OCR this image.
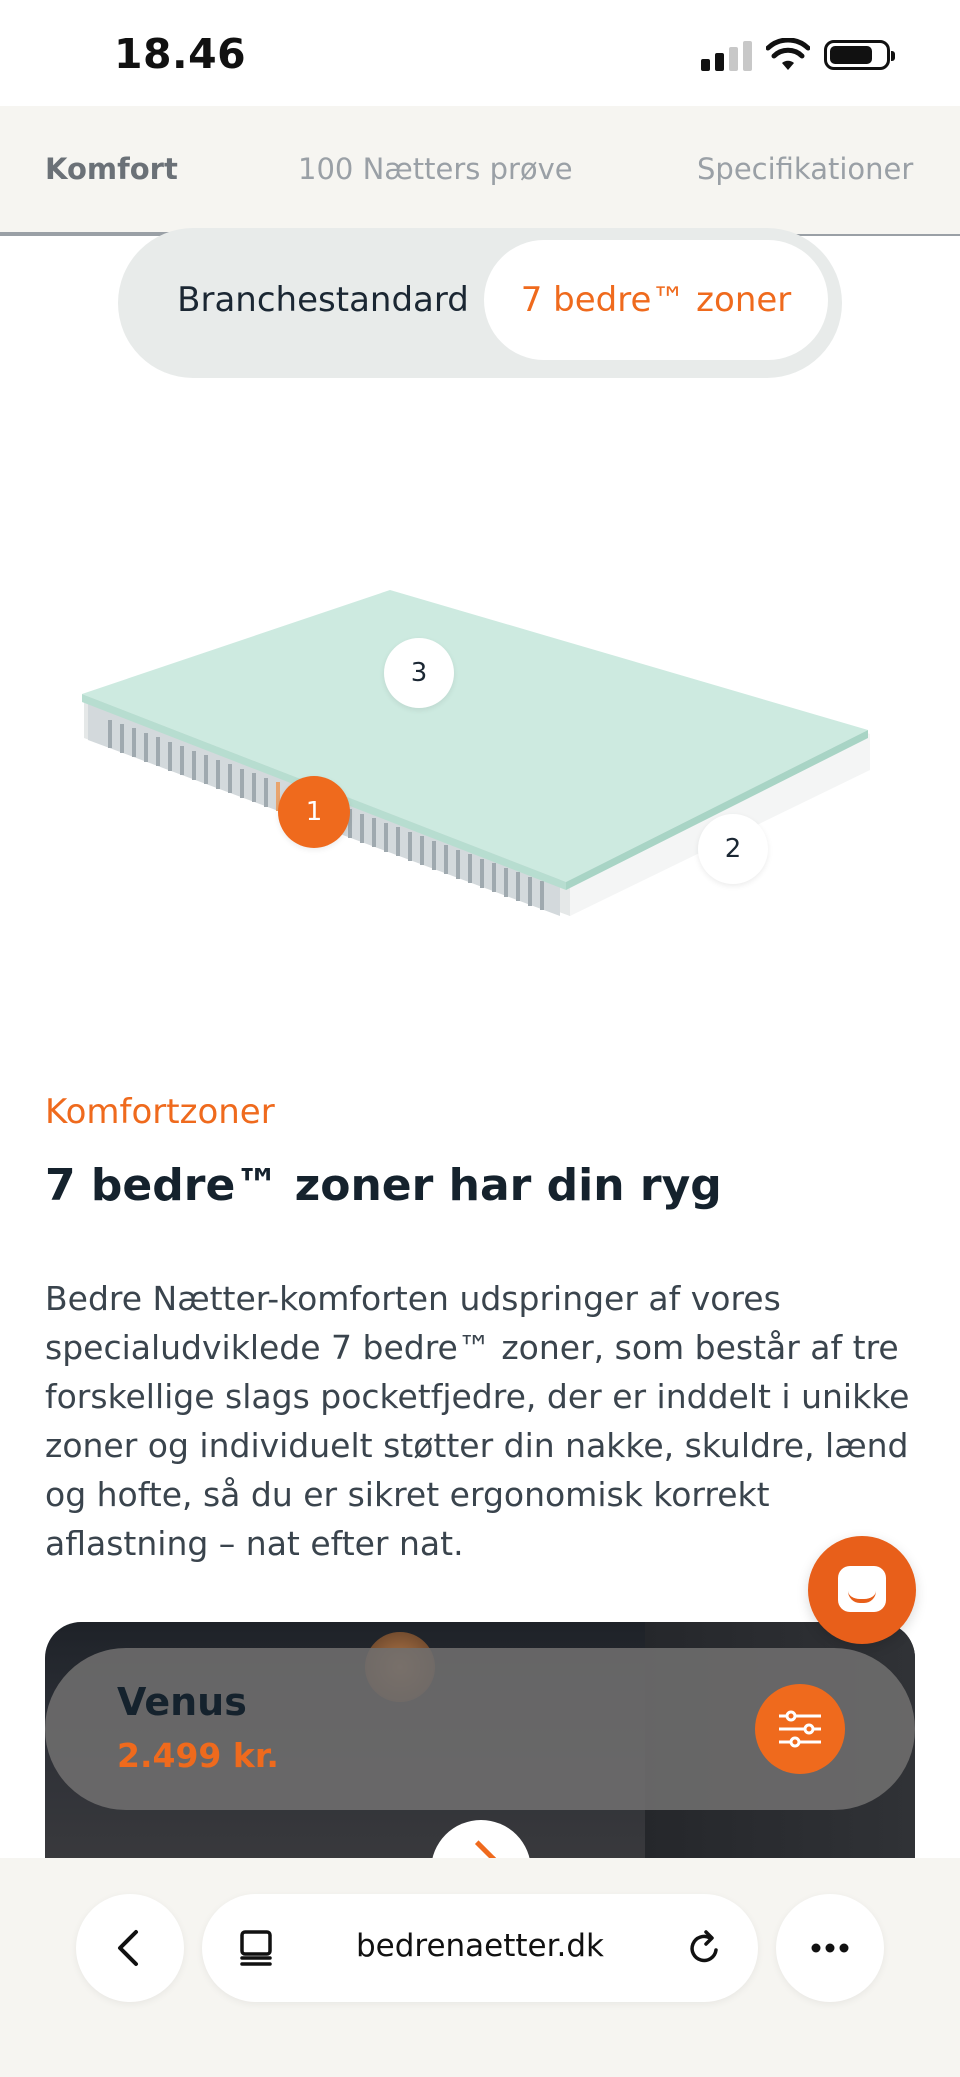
18.46
Komfort	100 Nætters prøve	Specifikationer
Branchestandard	7 bedre™ zoner
3
1
2
Komfortzoner
7 bedre™ zoner har din ryg
Bedre Nætter-komforten udspringer af vores specialudviklede 7 bedre™ zoner, som består af tre forskellige slags pocketfjedre, der er inddelt i unikke zoner og individuelt støtter din nakke, skuldre, lænd og hofte, så du er sikret ergonomisk korrekt aflastning – nat efter nat.
Venus
2.499 kr.
bedrenaetter.dk
